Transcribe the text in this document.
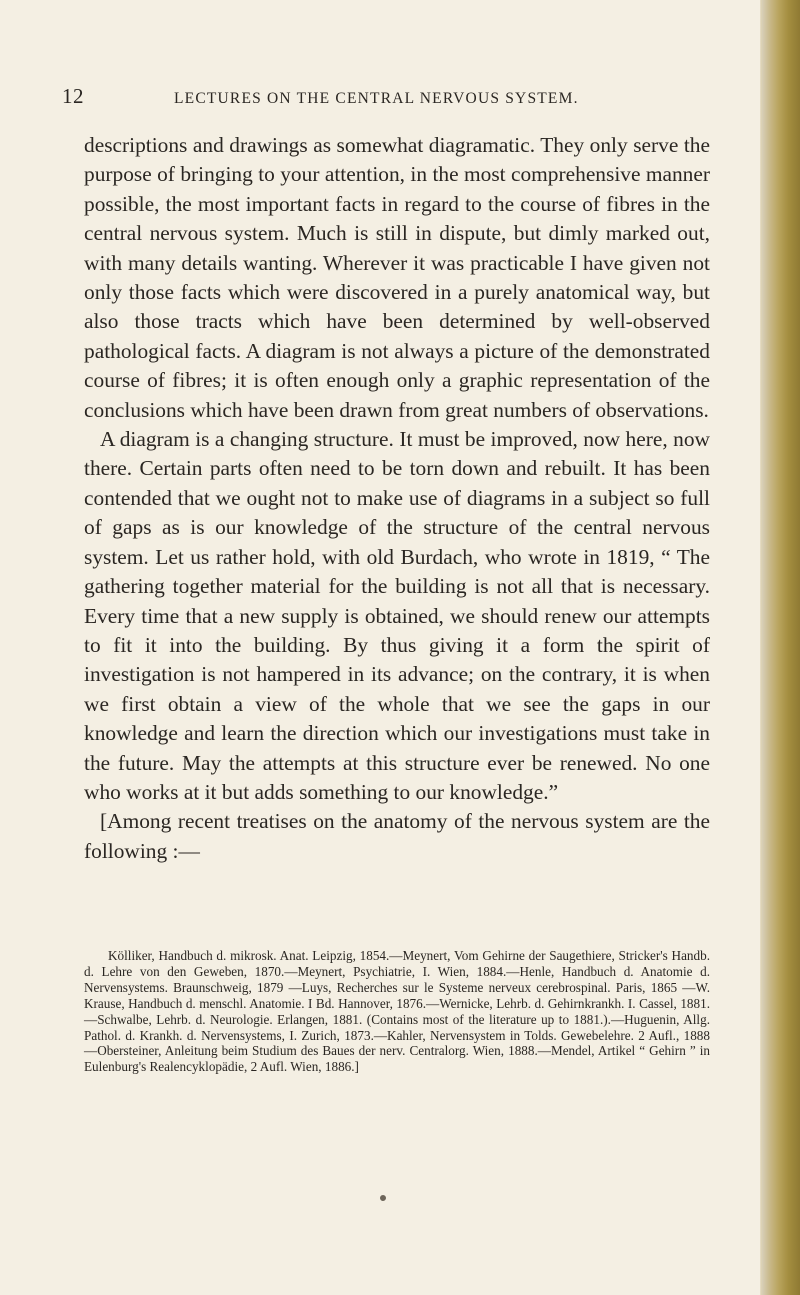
12	LECTURES ON THE CENTRAL NERVOUS SYSTEM.

descriptions and drawings as somewhat diagramatic. They only serve the purpose of bringing to your attention, in the most comprehensive manner possible, the most important facts in regard to the course of fibres in the central nervous system. Much is still in dispute, but dimly marked out, with many details wanting. Wherever it was practicable I have given not only those facts which were discovered in a purely anatomical way, but also those tracts which have been determined by well-observed pathological facts. A diagram is not always a picture of the demonstrated course of fibres; it is often enough only a graphic representation of the conclusions which have been drawn from great numbers of observations.

A diagram is a changing structure. It must be improved, now here, now there. Certain parts often need to be torn down and rebuilt. It has been contended that we ought not to make use of diagrams in a subject so full of gaps as is our knowledge of the structure of the central nervous system. Let us rather hold, with old Burdach, who wrote in 1819, “ The gathering together material for the building is not all that is necessary. Every time that a new supply is obtained, we should renew our attempts to fit it into the building. By thus giving it a form the spirit of investigation is not hampered in its advance; on the contrary, it is when we first obtain a view of the whole that we see the gaps in our knowledge and learn the direction which our investigations must take in the future. May the attempts at this structure ever be renewed. No one who works at it but adds something to our knowledge.”

[Among recent treatises on the anatomy of the nervous system are the following :—

Kölliker, Handbuch d. mikrosk. Anat. Leipzig, 1854.—Meynert, Vom Gehirne der Saugethiere, Stricker's Handb. d. Lehre von den Geweben, 1870.—Meynert, Psychiatrie, I. Wien, 1884.—Henle, Handbuch d. Anatomie d. Nervensystems. Braunschweig, 1879 —Luys, Recherches sur le Systeme nerveux cerebrospinal. Paris, 1865 —W. Krause, Handbuch d. menschl. Anatomie. I Bd. Hannover, 1876.—Wernicke, Lehrb. d. Gehirnkrankh. I. Cassel, 1881.—Schwalbe, Lehrb. d. Neurologie. Erlangen, 1881. (Contains most of the literature up to 1881.).—Huguenin, Allg. Pathol. d. Krankh. d. Nervensystems, I. Zurich, 1873.—Kahler, Nervensystem in Tolds. Gewebelehre. 2 Aufl., 1888 —Obersteiner, Anleitung beim Studium des Baues der nerv. Centralorg. Wien, 1888.—Mendel, Artikel “ Gehirn ” in Eulenburg's Realencyklopädie, 2 Aufl. Wien, 1886.]
